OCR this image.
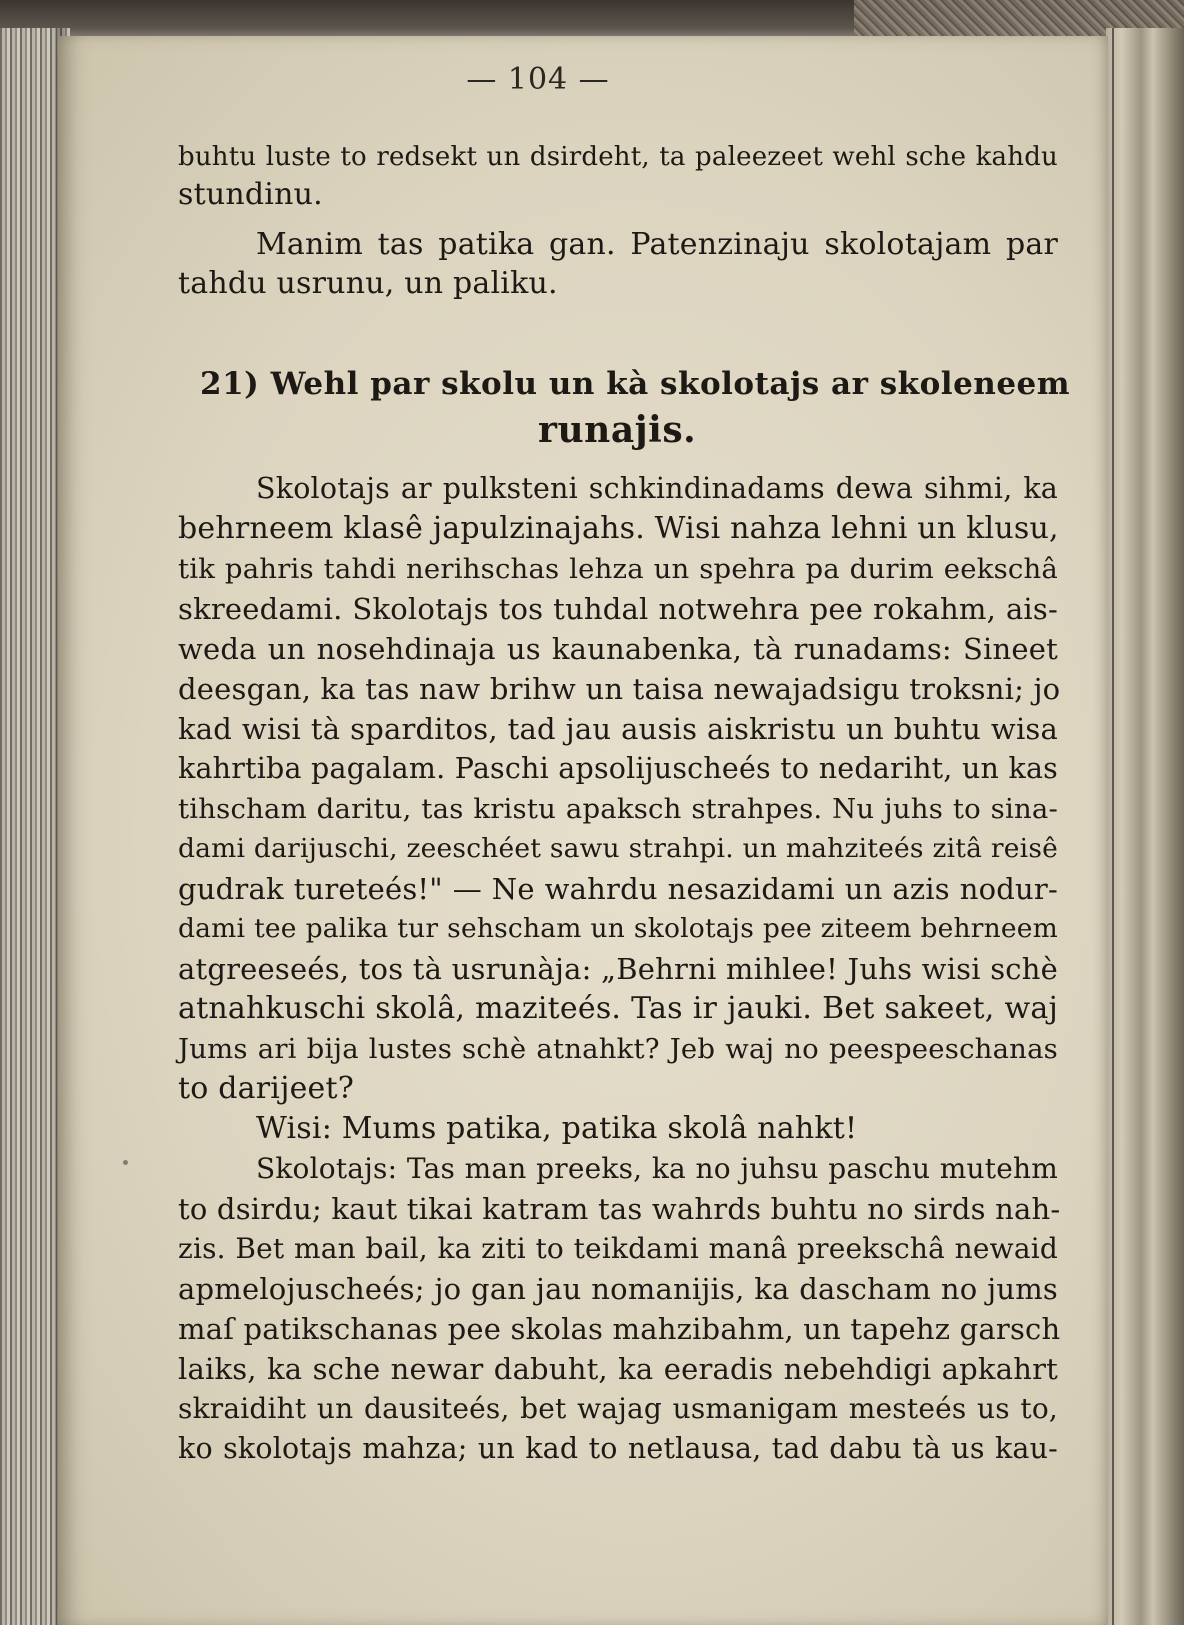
— 104 —
buhtu luste to redsekt un dsirdeht, ta paleezeet wehl sche kahdu
stundinu.
Manim tas patika gan. Patenzinaju skolotajam par
tahdu usrunu, un paliku.
21) Wehl par skolu un kà skolotajs ar skoleneem
runajis.
Skolotajs ar pulksteni schkindinadams dewa sihmi, ka
behrneem klasê japulzinajahs. Wisi nahza lehni un klusu,
tik pahris tahdi nerihschas lehza un spehra pa durim eekschâ
skreedami. Skolotajs tos tuhdal notwehra pee rokahm, ais-
weda un nosehdinaja us kaunabenka, tà runadams: Sineet
deesgan, ka tas naw brihw un taisa newajadsigu troksni; jo
kad wisi tà sparditos, tad jau ausis aiskristu un buhtu wisa
kahrtiba pagalam. Paschi apsolijuscheés to nedariht, un kas
tihscham daritu, tas kristu apaksch strahpes. Nu juhs to sina-
dami darijuschi, zeeschéet sawu strahpi. un mahziteés zitâ reisê
gudrak tureteés!" — Ne wahrdu nesazidami un azis nodur-
dami tee palika tur sehscham un skolotajs pee ziteem behrneem
atgreeseés, tos tà usrunàja: „Behrni mihlee! Juhs wisi schè
atnahkuschi skolâ, maziteés. Tas ir jauki. Bet sakeet, waj
Jums ari bija lustes schè atnahkt? Jeb waj no peespeeschanas
to darijeet?
Wisi: Mums patika, patika skolâ nahkt!
Skolotajs: Tas man preeks, ka no juhsu paschu mutehm
to dsirdu; kaut tikai katram tas wahrds buhtu no sirds nah-
zis. Bet man bail, ka ziti to teikdami manâ preekschâ newaid
apmelojuscheés; jo gan jau nomanijis, ka dascham no jums
maſ patikschanas pee skolas mahzibahm, un tapehz garsch
laiks, ka sche newar dabuht, ka eeradis nebehdigi apkahrt
skraidiht un dausiteés, bet wajag usmanigam mesteés us to,
ko skolotajs mahza; un kad to netlausa, tad dabu tà us kau-
